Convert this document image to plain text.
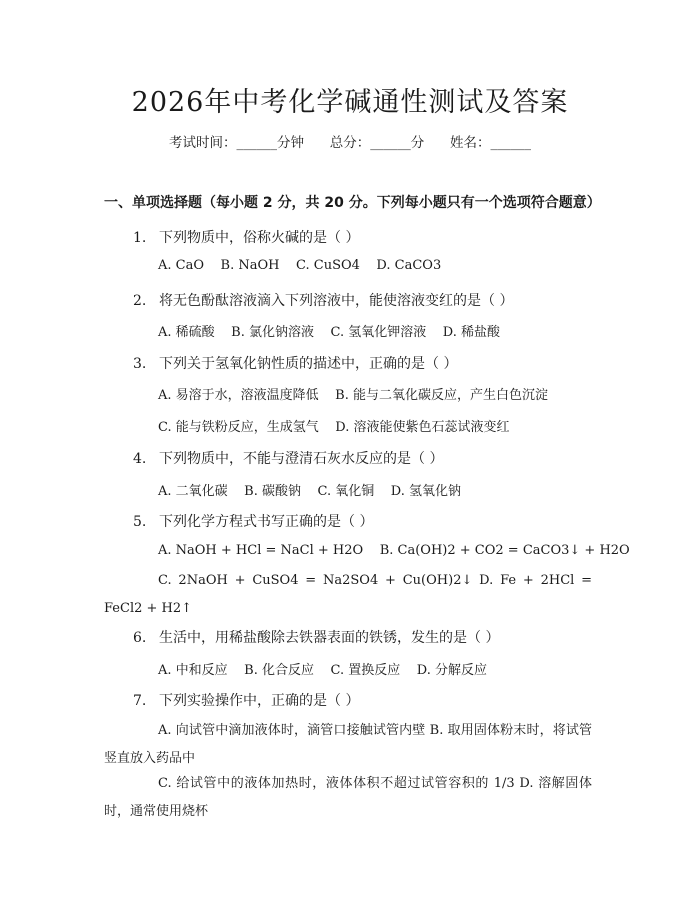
2026年中考化学碱通性测试及答案
考试时间：______分钟      总分：______分      姓名：______
一、单项选择题（每小题 2 分，共 20 分。下列每小题只有一个选项符合题意）
1. 下列物质中，俗称火碱的是（ ）
A. CaO    B. NaOH    C. CuSO4    D. CaCO3
2. 将无色酚酞溶液滴入下列溶液中，能使溶液变红的是（ ）
A. 稀硫酸    B. 氯化钠溶液    C. 氢氧化钾溶液    D. 稀盐酸
3. 下列关于氢氧化钠性质的描述中，正确的是（ ）
A. 易溶于水，溶液温度降低    B. 能与二氧化碳反应，产生白色沉淀
C. 能与铁粉反应，生成氢气    D. 溶液能使紫色石蕊试液变红
4. 下列物质中，不能与澄清石灰水反应的是（ ）
A. 二氧化碳    B. 碳酸钠    C. 氧化铜    D. 氢氧化钠
5. 下列化学方程式书写正确的是（ ）
A. NaOH + HCl = NaCl + H2O    B. Ca(OH)2 + CO2 = CaCO3↓ + H2O
C. 2NaOH + CuSO4 = Na2SO4 + Cu(OH)2↓ D. Fe + 2HCl = FeCl2 + H2↑
6. 生活中，用稀盐酸除去铁器表面的铁锈，发生的是（ ）
A. 中和反应    B. 化合反应    C. 置换反应    D. 分解反应
7. 下列实验操作中，正确的是（ ）
A. 向试管中滴加液体时，滴管口接触试管内壁 B. 取用固体粉末时，将试管竖直放入药品中
C. 给试管中的液体加热时，液体体积不超过试管容积的 1/3 D. 溶解固体时，通常使用烧杯
